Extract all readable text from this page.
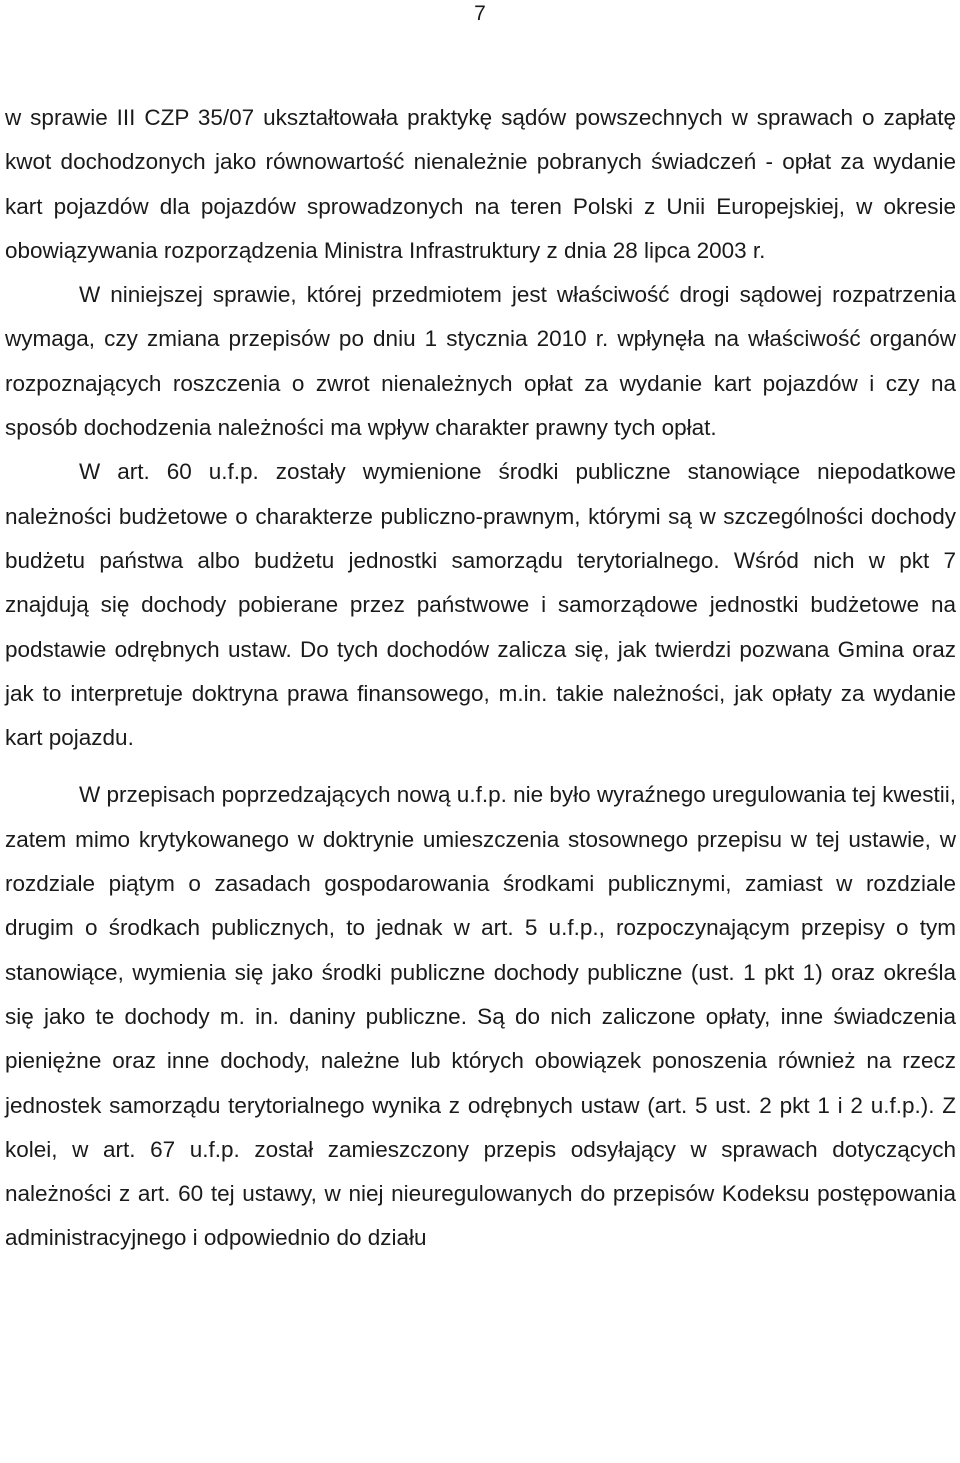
7

w sprawie III CZP 35/07 ukształtowała praktykę sądów powszechnych w sprawach o zapłatę kwot dochodzonych jako równowartość nienależnie pobranych świadczeń - opłat za wydanie kart pojazdów dla pojazdów sprowadzonych na teren Polski z Unii Europejskiej, w okresie obowiązywania rozporządzenia Ministra Infrastruktury z dnia 28 lipca 2003 r.

W niniejszej sprawie, której przedmiotem jest właściwość drogi sądowej rozpatrzenia wymaga, czy zmiana przepisów po dniu 1 stycznia 2010 r. wpłynęła na właściwość organów rozpoznających roszczenia o zwrot nienależnych opłat za wydanie kart pojazdów i czy na sposób dochodzenia należności ma wpływ charakter prawny tych opłat.

W art. 60 u.f.p. zostały wymienione środki publiczne stanowiące niepodatkowe należności budżetowe o charakterze publiczno-prawnym, którymi są w szczególności dochody budżetu państwa albo budżetu jednostki samorządu terytorialnego. Wśród nich w pkt 7 znajdują się dochody pobierane przez państwowe i samorządowe jednostki budżetowe na podstawie odrębnych ustaw. Do tych dochodów zalicza się, jak twierdzi pozwana Gmina oraz jak to interpretuje doktryna prawa finansowego, m.in. takie należności, jak opłaty za wydanie kart pojazdu.

W przepisach poprzedzających nową u.f.p. nie było wyraźnego uregulowania tej kwestii, zatem mimo krytykowanego w doktrynie umieszczenia stosownego przepisu w tej ustawie, w rozdziale piątym o zasadach gospodarowania środkami publicznymi, zamiast w rozdziale drugim o środkach publicznych, to jednak w art. 5 u.f.p., rozpoczynającym przepisy o tym stanowiące, wymienia się jako środki publiczne dochody publiczne (ust. 1 pkt 1) oraz określa się jako te dochody m. in. daniny publiczne. Są do nich zaliczone opłaty, inne świadczenia pieniężne oraz inne dochody, należne lub których obowiązek ponoszenia również na rzecz jednostek samorządu terytorialnego wynika z odrębnych ustaw (art. 5 ust. 2 pkt 1 i 2 u.f.p.). Z kolei, w art. 67 u.f.p. został zamieszczony przepis odsyłający w sprawach dotyczących należności z art. 60 tej ustawy, w niej nieuregulowanych do przepisów Kodeksu postępowania administracyjnego i odpowiednio do działu
